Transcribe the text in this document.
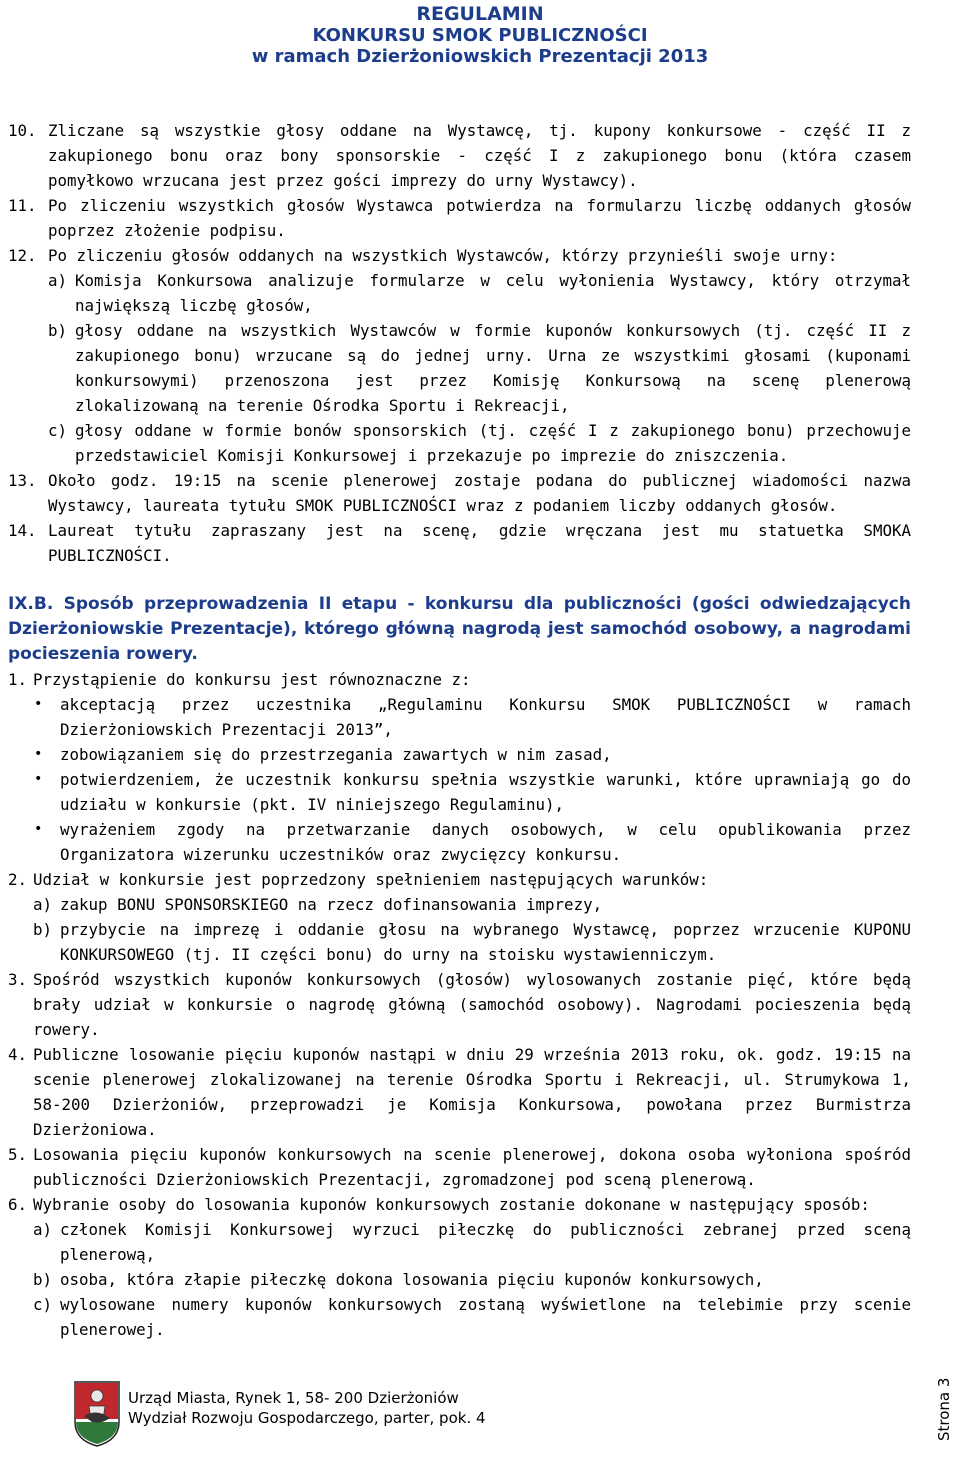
REGULAMIN
KONKURSU SMOK PUBLICZNOŚCI
w ramach Dzierżoniowskich Prezentacji 2013
10. Zliczane są wszystkie głosy oddane na Wystawcę, tj. kupony konkursowe - część II z zakupionego bonu oraz bony sponsorskie - część I z zakupionego bonu (która czasem pomyłkowo wrzucana jest przez gości imprezy do urny Wystawcy).

11. Po zliczeniu wszystkich głosów Wystawca potwierdza na formularzu liczbę oddanych głosów poprzez złożenie podpisu.

12. Po zliczeniu głosów oddanych na wszystkich Wystawców, którzy przynieśli swoje urny:

a) Komisja Konkursowa analizuje formularze w celu wyłonienia Wystawcy, który otrzymał największą liczbę głosów,

b) głosy oddane na wszystkich Wystawców w formie kuponów konkursowych (tj. część II z zakupionego bonu) wrzucane są do jednej urny. Urna ze wszystkimi głosami (kuponami konkursowymi) przenoszona jest przez Komisję Konkursową na scenę plenerową zlokalizowaną na terenie Ośrodka Sportu i Rekreacji,

c) głosy oddane w formie bonów sponsorskich (tj. część I z zakupionego bonu) przechowuje przedstawiciel Komisji Konkursowej i przekazuje po imprezie do zniszczenia.

13. Około godz. 19:15 na scenie plenerowej zostaje podana do publicznej wiadomości nazwa Wystawcy, laureata tytułu SMOK PUBLICZNOŚCI wraz z podaniem liczby oddanych głosów.

14. Laureat tytułu zapraszany jest na scenę, gdzie wręczana jest mu statuetka SMOKA PUBLICZNOŚCI.

IX.B. Sposób przeprowadzenia II etapu - konkursu dla publiczności (gości odwiedzających Dzierżoniowskie Prezentacje), którego główną nagrodą jest samochód osobowy, a nagrodami pocieszenia rowery.

1. Przystąpienie do konkursu jest równoznaczne z:

•	akceptacją przez uczestnika „Regulaminu Konkursu SMOK PUBLICZNOŚCI w ramach Dzierżoniowskich Prezentacji 2013”,

•	zobowiązaniem się do przestrzegania zawartych w nim zasad,

•	potwierdzeniem, że uczestnik konkursu spełnia wszystkie warunki, które uprawniają go do udziału w konkursie (pkt. IV niniejszego Regulaminu),

•	wyrażeniem zgody na przetwarzanie danych osobowych, w celu opublikowania przez Organizatora wizerunku uczestników oraz zwycięzcy konkursu.

2. Udział w konkursie jest poprzedzony spełnieniem następujących warunków:

a) zakup BONU SPONSORSKIEGO na rzecz dofinansowania imprezy,

b) przybycie na imprezę i oddanie głosu na wybranego Wystawcę, poprzez wrzucenie KUPONU KONKURSOWEGO (tj. II części bonu) do urny na stoisku wystawienniczym.

3. Spośród wszystkich kuponów konkursowych (głosów) wylosowanych zostanie pięć, które będą brały udział w konkursie o nagrodę główną (samochód osobowy). Nagrodami pocieszenia będą rowery.

4. Publiczne losowanie pięciu kuponów nastąpi w dniu 29 września 2013 roku, ok. godz. 19:15 na scenie plenerowej zlokalizowanej na terenie Ośrodka Sportu i Rekreacji, ul. Strumykowa 1, 58-200 Dzierżoniów, przeprowadzi je Komisja Konkursowa, powołana przez Burmistrza Dzierżoniowa.

5. Losowania pięciu kuponów konkursowych na scenie plenerowej, dokona osoba wyłoniona spośród publiczności Dzierżoniowskich Prezentacji, zgromadzonej pod sceną plenerową.

6. Wybranie osoby do losowania kuponów konkursowych zostanie dokonane w następujący sposób:

a) członek Komisji Konkursowej wyrzuci piłeczkę do publiczności zebranej przed sceną plenerową,

b) osoba, która złapie piłeczkę dokona losowania pięciu kuponów konkursowych,

c) wylosowane numery kuponów konkursowych zostaną wyświetlone na telebimie przy scenie plenerowej.

Urząd Miasta, Rynek 1, 58- 200 Dzierżoniów
Wydział Rozwoju Gospodarczego, parter, pok. 4	Strona 3
